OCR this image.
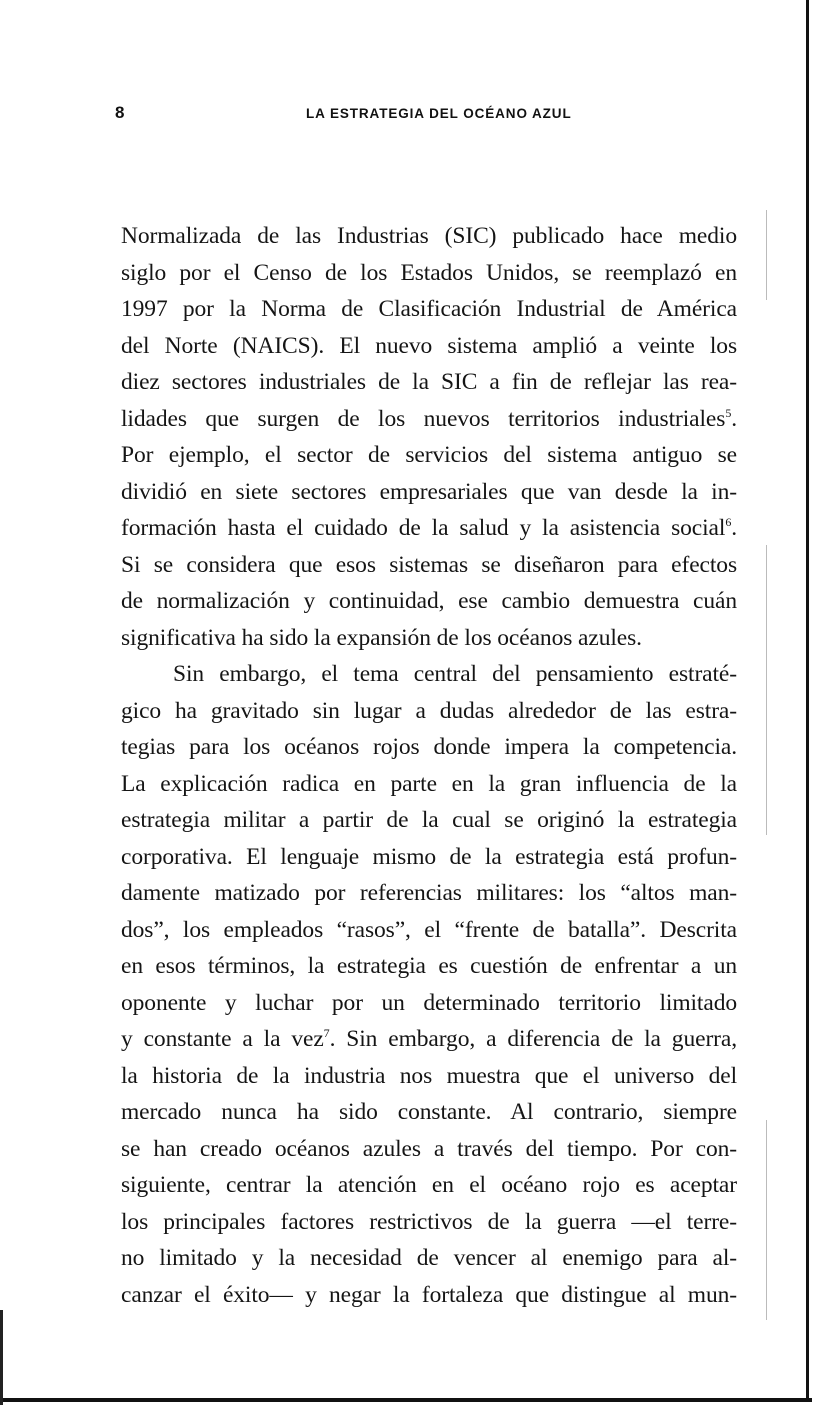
8	LA ESTRATEGIA DEL OCÉANO AZUL
Normalizada de las Industrias (SIC) publicado hace medio
siglo por el Censo de los Estados Unidos, se reemplazó en
1997 por la Norma de Clasificación Industrial de América
del Norte (NAICS). El nuevo sistema amplió a veinte los
diez sectores industriales de la SIC a fin de reflejar las rea-
lidades que surgen de los nuevos territorios industriales$^5$.
Por ejemplo, el sector de servicios del sistema antiguo se
dividió en siete sectores empresariales que van desde la in-
formación hasta el cuidado de la salud y la asistencia social$^6$.
Si se considera que esos sistemas se diseñaron para efectos
de normalización y continuidad, ese cambio demuestra cuán
significativa ha sido la expansión de los océanos azules.
Sin embargo, el tema central del pensamiento estraté-
gico ha gravitado sin lugar a dudas alrededor de las estra-
tegias para los océanos rojos donde impera la competencia.
La explicación radica en parte en la gran influencia de la
estrategia militar a partir de la cual se originó la estrategia
corporativa. El lenguaje mismo de la estrategia está profun-
damente matizado por referencias militares: los “altos man-
dos”, los empleados “rasos”, el “frente de batalla”. Descrita
en esos términos, la estrategia es cuestión de enfrentar a un
oponente y luchar por un determinado territorio limitado
y constante a la vez$^7$. Sin embargo, a diferencia de la guerra,
la historia de la industria nos muestra que el universo del
mercado nunca ha sido constante. Al contrario, siempre
se han creado océanos azules a través del tiempo. Por con-
siguiente, centrar la atención en el océano rojo es aceptar
los principales factores restrictivos de la guerra —el terre-
no limitado y la necesidad de vencer al enemigo para al-
canzar el éxito— y negar la fortaleza que distingue al mun-
